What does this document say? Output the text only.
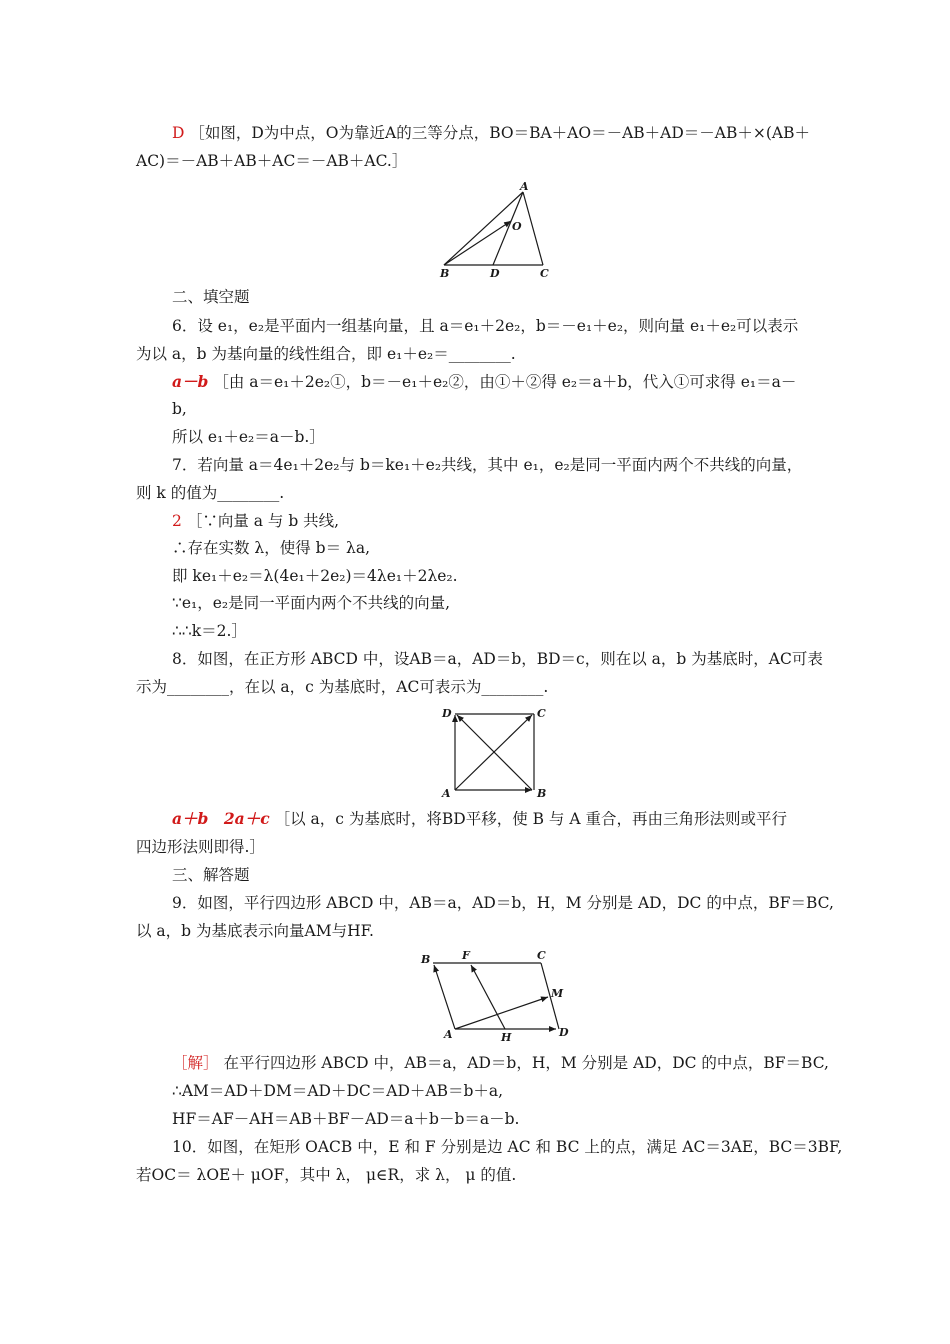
D ［如图，D为中点，O为靠近A的三等分点，BO＝BA＋AO＝－AB＋AD＝－AB＋×(AB＋
AC)＝－AB＋AB＋AC＝－AB＋AC.］
A
O
B	D	C
二、填空题
6．设 e₁，e₂是平面内一组基向量，且 a＝e₁＋2e₂，b＝－e₁＋e₂，则向量 e₁＋e₂可以表示
为以 a，b 为基向量的线性组合，即 e₁＋e₂＝________.
a－b ［由 a＝e₁＋2e₂①，b＝－e₁＋e₂②，由①＋②得 e₂＝a＋b，代入①可求得 e₁＝a－
b,
所以 e₁＋e₂＝a－b.］
7．若向量 a＝4e₁＋2e₂与 b＝ke₁＋e₂共线，其中 e₁，e₂是同一平面内两个不共线的向量，
则 k 的值为________.
2 ［∵向量 a 与 b 共线,
∴存在实数 λ，使得 b＝ λa,
即 ke₁＋e₂＝λ(4e₁＋2e₂)＝4λe₁＋2λe₂.
∵e₁，e₂是同一平面内两个不共线的向量,
∴∴k＝2.］
8．如图，在正方形 ABCD 中，设AB＝a，AD＝b，BD＝c，则在以 a，b 为基底时，AC可表
示为________，在以 a，c 为基底时，AC可表示为________.
D	C
A	B
a＋b　2a＋c ［以 a，c 为基底时，将BD平移，使 B 与 A 重合，再由三角形法则或平行
四边形法则即得.］
三、解答题
9．如图，平行四边形 ABCD 中，AB＝a，AD＝b，H，M 分别是 AD，DC 的中点，BF＝BC,
以 a，b 为基底表示向量AM与HF.
B	F	C
M
A	H	D
［解］ 在平行四边形 ABCD 中，AB＝a，AD＝b，H，M 分别是 AD，DC 的中点，BF＝BC,
∴AM＝AD＋DM＝AD＋DC＝AD＋AB＝b＋a,
HF＝AF－AH＝AB＋BF－AD＝a＋b－b＝a－b.
10．如图，在矩形 OACB 中，E 和 F 分别是边 AC 和 BC 上的点，满足 AC＝3AE，BC＝3BF,
若OC＝ λOE＋ μOF，其中 λ， μ∈R，求 λ， μ 的值.
